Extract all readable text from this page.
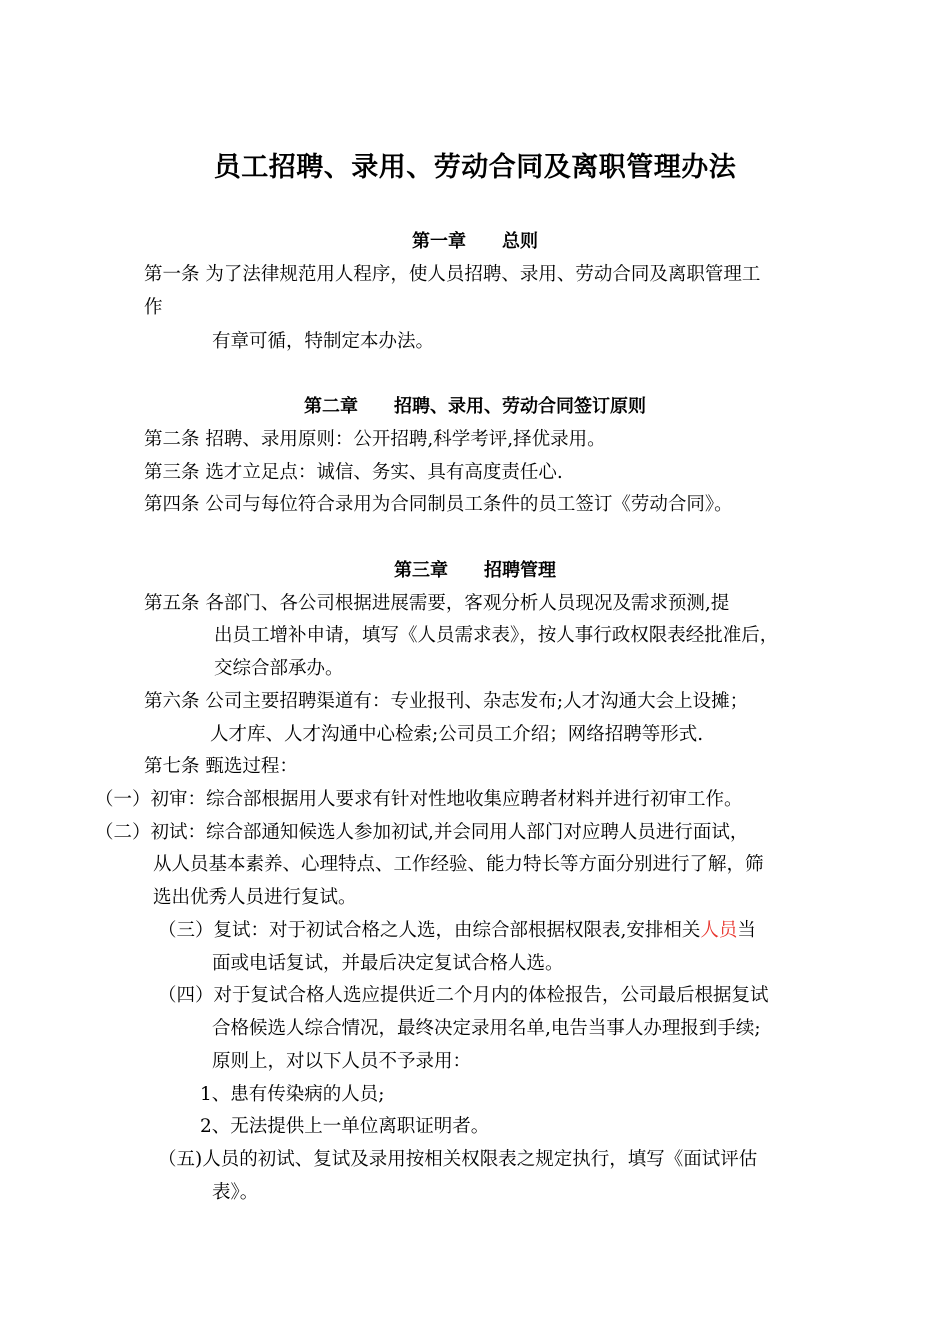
员工招聘、录用、劳动合同及离职管理办法
第一章 总则
第一条 为了法律规范用人程序，使人员招聘、录用、劳动合同及离职管理工
作
有章可循，特制定本办法。
第二章 招聘、录用、劳动合同签订原则
第二条 招聘、录用原则：公开招聘,科学考评,择优录用。
第三条 选才立足点：诚信、务实、具有高度责任心.
第四条 公司与每位符合录用为合同制员工条件的员工签订《劳动合同》。
第三章 招聘管理
第五条 各部门、各公司根据进展需要，客观分析人员现况及需求预测,提
出员工增补申请，填写《人员需求表》，按人事行政权限表经批准后，
交综合部承办。
第六条 公司主要招聘渠道有：专业报刊、杂志发布;人才沟通大会上设摊；
人才库、人才沟通中心检索;公司员工介绍；网络招聘等形式.
第七条 甄选过程：
（一）初审：综合部根据用人要求有针对性地收集应聘者材料并进行初审工作。
（二）初试：综合部通知候选人参加初试,并会同用人部门对应聘人员进行面试，
从人员基本素养、心理特点、工作经验、能力特长等方面分别进行了解，筛
选出优秀人员进行复试。
（三）复试：对于初试合格之人选，由综合部根据权限表,安排相关人员当
面或电话复试，并最后决定复试合格人选。
（四）对于复试合格人选应提供近二个月内的体检报告，公司最后根据复试
合格候选人综合情况，最终决定录用名单,电告当事人办理报到手续;
原则上，对以下人员不予录用：
1、患有传染病的人员;
2、无法提供上一单位离职证明者。
（五)人员的初试、复试及录用按相关权限表之规定执行，填写《面试评估
表》。
